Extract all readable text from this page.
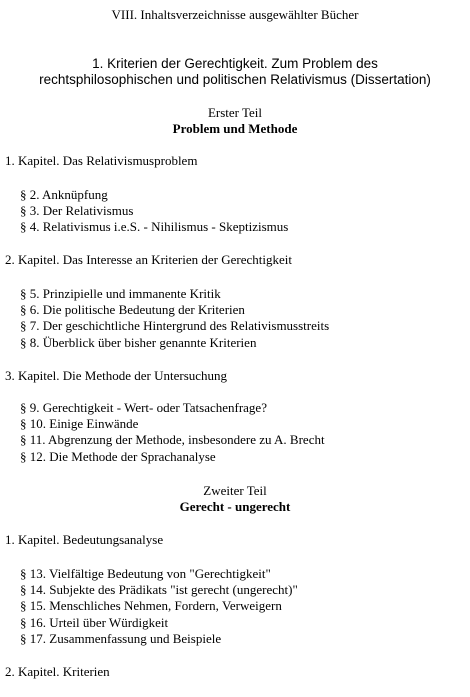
VIII. Inhaltsverzeichnisse ausgewählter Bücher
1. Kriterien der Gerechtigkeit. Zum Problem des
rechtsphilosophischen und politischen Relativismus (Dissertation)
Erster Teil
Problem und Methode
1. Kapitel. Das Relativismusproblem
§ 2. Anknüpfung
§ 3. Der Relativismus
§ 4. Relativismus i.e.S. - Nihilismus - Skeptizismus
2. Kapitel. Das Interesse an Kriterien der Gerechtigkeit
§ 5. Prinzipielle und immanente Kritik
§ 6. Die politische Bedeutung der Kriterien
§ 7. Der geschichtliche Hintergrund des Relativismusstreits
§ 8. Überblick über bisher genannte Kriterien
3. Kapitel. Die Methode der Untersuchung
§ 9. Gerechtigkeit - Wert- oder Tatsachenfrage?
§ 10. Einige Einwände
§ 11. Abgrenzung der Methode, insbesondere zu A. Brecht
§ 12. Die Methode der Sprachanalyse
Zweiter Teil
Gerecht - ungerecht
1. Kapitel. Bedeutungsanalyse
§ 13. Vielfältige Bedeutung von "Gerechtigkeit"
§ 14. Subjekte des Prädikats "ist gerecht (ungerecht)"
§ 15. Menschliches Nehmen, Fordern, Verweigern
§ 16. Urteil über Würdigkeit
§ 17. Zusammenfassung und Beispiele
2. Kapitel. Kriterien
